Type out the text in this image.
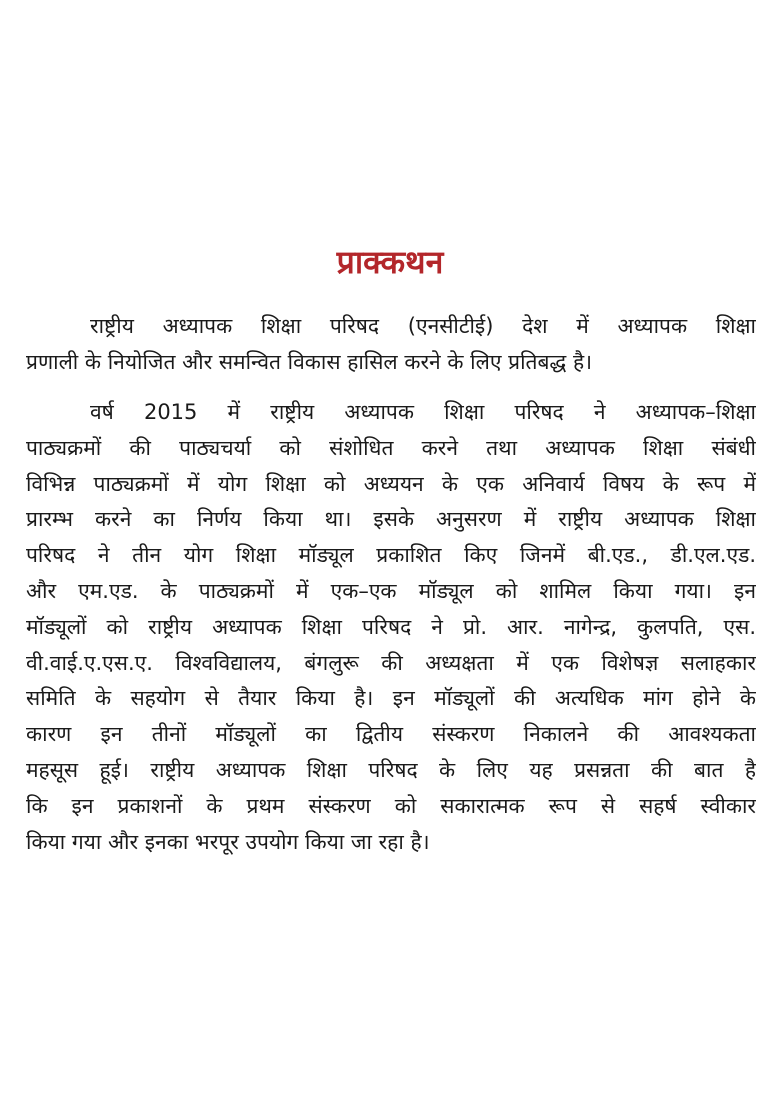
प्राक्कथन
राष्ट्रीय अध्यापक शिक्षा परिषद (एनसीटीई) देश में अध्यापक शिक्षा
प्रणाली के नियोजित और समन्वित विकास हासिल करने के लिए प्रतिबद्ध है।
वर्ष 2015 में राष्ट्रीय अध्यापक शिक्षा परिषद ने अध्यापक–शिक्षा
पाठ्यक्रमों की पाठ्यचर्या को संशोधित करने तथा अध्यापक शिक्षा संबंधी
विभिन्न पाठ्यक्रमों में योग शिक्षा को अध्ययन के एक अनिवार्य विषय के रूप में
प्रारम्भ करने का निर्णय किया था। इसके अनुसरण में राष्ट्रीय अध्यापक शिक्षा
परिषद ने तीन योग शिक्षा मॉड्यूल प्रकाशित किए जिनमें बी.एड., डी.एल.एड.
और एम.एड. के पाठ्यक्रमों में एक–एक मॉड्यूल को शामिल किया गया। इन
मॉड्यूलों को राष्ट्रीय अध्यापक शिक्षा परिषद ने प्रो. आर. नागेन्द्र, कुलपति, एस.
वी.वाई.ए.एस.ए. विश्वविद्यालय, बंगलुरू की अध्यक्षता में एक विशेषज्ञ सलाहकार
समिति के सहयोग से तैयार किया है। इन मॉड्यूलों की अत्यधिक मांग होने के
कारण इन तीनों मॉड्यूलों का द्वितीय संस्करण निकालने की आवश्यकता
महसूस हूई। राष्ट्रीय अध्यापक शिक्षा परिषद के लिए यह प्रसन्नता की बात है
कि इन प्रकाशनों के प्रथम संस्करण को सकारात्मक रूप से सहर्ष स्वीकार
किया गया और इनका भरपूर उपयोग किया जा रहा है।
